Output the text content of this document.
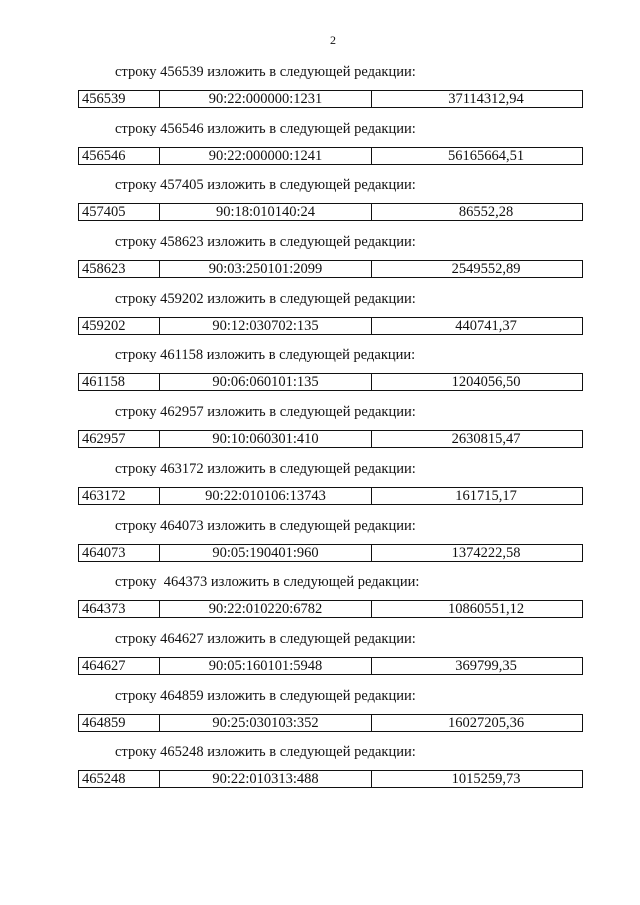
2
строку 456539 изложить в следующей редакции:
456539	90:22:000000:1231	37114312,94
строку 456546 изложить в следующей редакции:
456546	90:22:000000:1241	56165664,51
строку 457405 изложить в следующей редакции:
457405	90:18:010140:24	86552,28
строку 458623 изложить в следующей редакции:
458623	90:03:250101:2099	2549552,89
строку 459202 изложить в следующей редакции:
459202	90:12:030702:135	440741,37
строку 461158 изложить в следующей редакции:
461158	90:06:060101:135	1204056,50
строку 462957 изложить в следующей редакции:
462957	90:10:060301:410	2630815,47
строку 463172 изложить в следующей редакции:
463172	90:22:010106:13743	161715,17
строку 464073 изложить в следующей редакции:
464073	90:05:190401:960	1374222,58
строку  464373 изложить в следующей редакции:
464373	90:22:010220:6782	10860551,12
строку 464627 изложить в следующей редакции:
464627	90:05:160101:5948	369799,35
строку 464859 изложить в следующей редакции:
464859	90:25:030103:352	16027205,36
строку 465248 изложить в следующей редакции:
465248	90:22:010313:488	1015259,73
